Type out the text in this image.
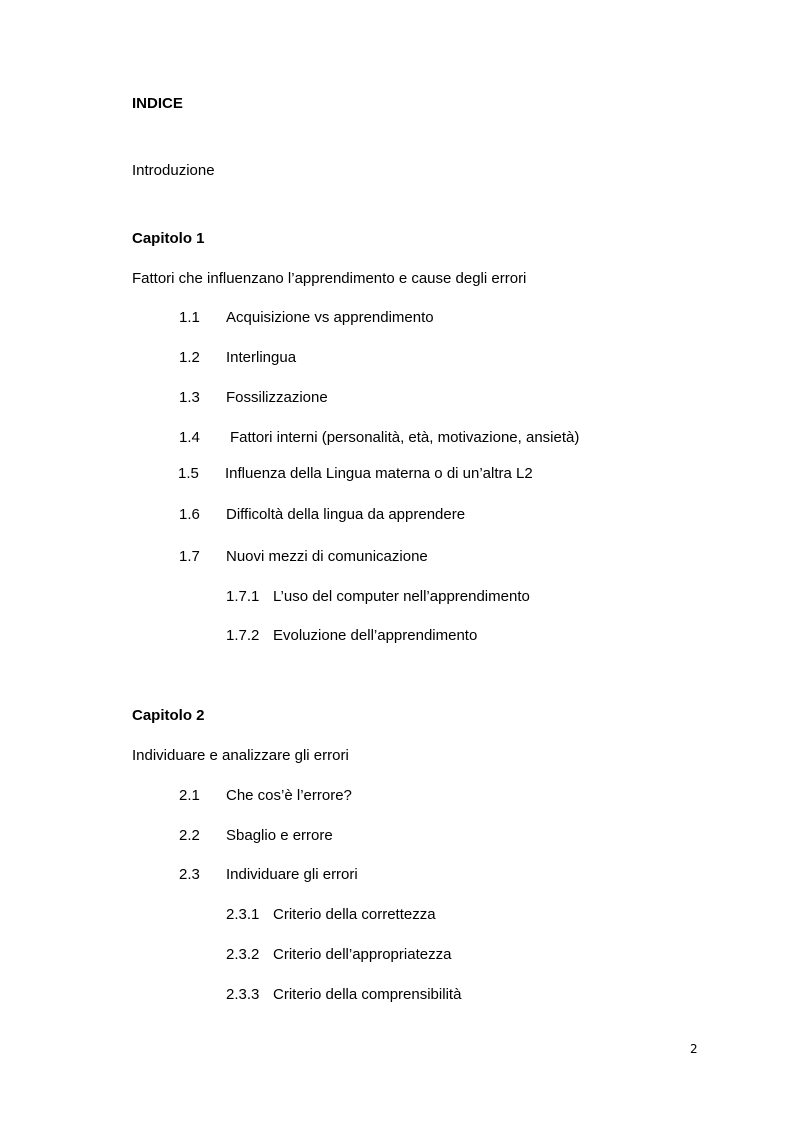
INDICE
Introduzione
Capitolo 1
Fattori che influenzano l’apprendimento e cause degli errori
1.1 Acquisizione vs apprendimento
1.2 Interlingua
1.3 Fossilizzazione
1.4 Fattori interni (personalità, età, motivazione, ansietà)
1.5 Influenza della Lingua materna o di un’altra L2
1.6 Difficoltà della lingua da apprendere
1.7 Nuovi mezzi di comunicazione
1.7.1 L’uso del computer nell’apprendimento
1.7.2 Evoluzione dell’apprendimento
Capitolo 2
Individuare e analizzare gli errori
2.1 Che cos’è l’errore?
2.2 Sbaglio e errore
2.3 Individuare gli errori
2.3.1 Criterio della correttezza
2.3.2 Criterio dell’appropriatezza
2.3.3 Criterio della comprensibilità
2
